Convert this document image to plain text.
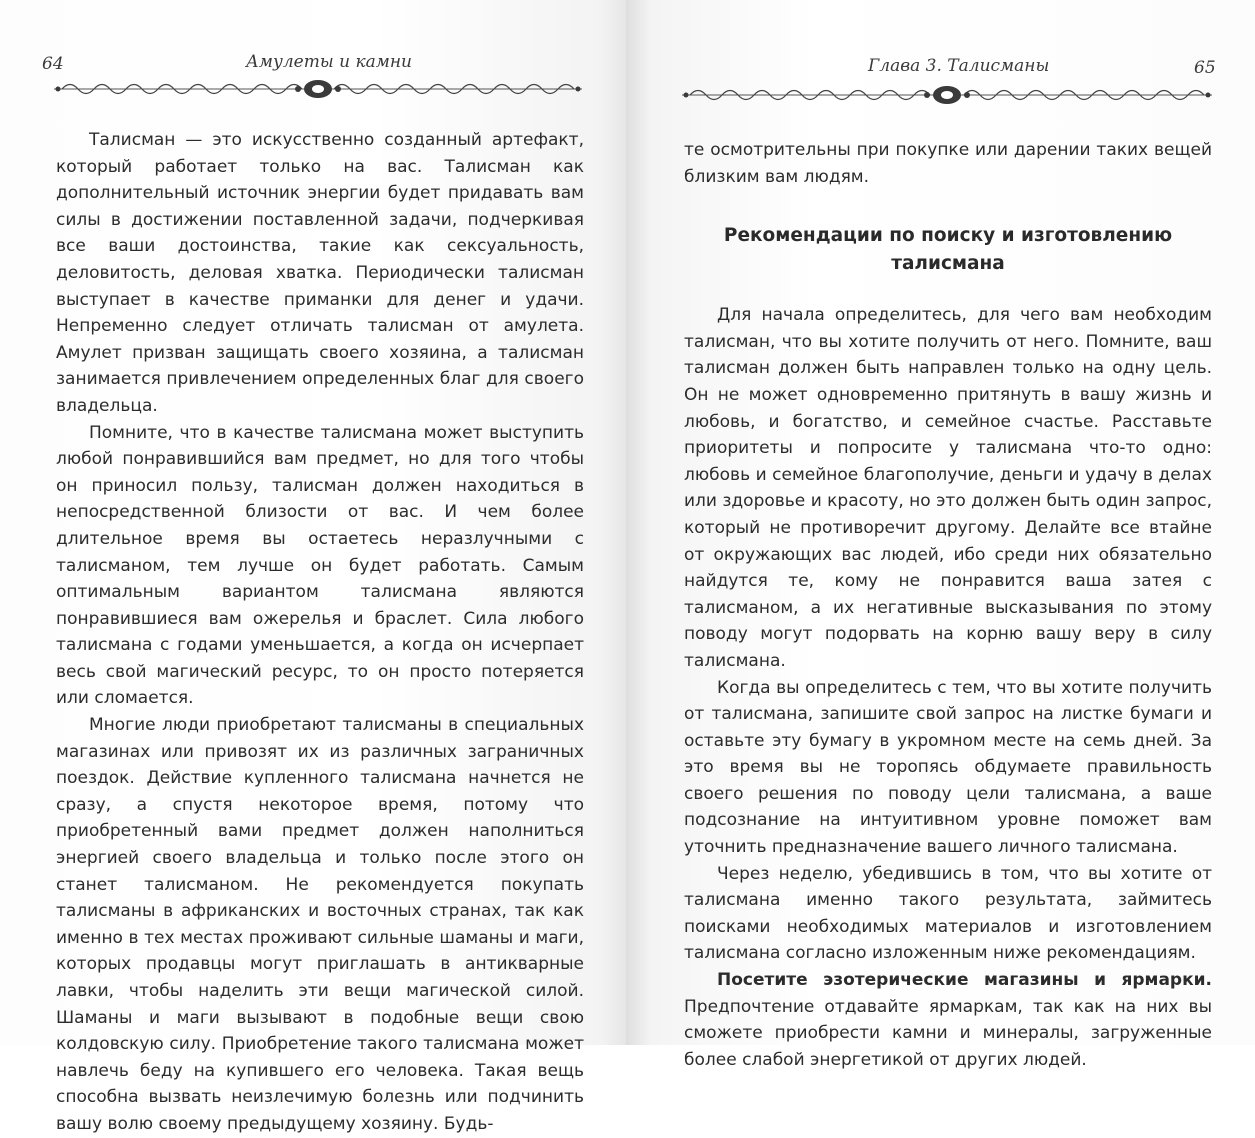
64	Амулеты и камни

Талисман — это искусственно созданный артефакт, который работает только на вас. Талисман как дополнительный источник энергии будет придавать вам силы в достижении поставленной задачи, подчеркивая все ваши достоинства, такие как сексуальность, деловитость, деловая хватка. Периодически талисман выступает в качестве приманки для денег и удачи. Непременно следует отличать талисман от амулета. Амулет призван защищать своего хозяина, а талисман занимается привлечением определенных благ для своего владельца.

Помните, что в качестве талисмана может выступить любой понравившийся вам предмет, но для того чтобы он приносил пользу, талисман должен находиться в непосредственной близости от вас. И чем более длительное время вы остаетесь неразлучными с талисманом, тем лучше он будет работать. Самым оптимальным вариантом талисмана являются понравившиеся вам ожерелья и браслет. Сила любого талисмана с годами уменьшается, а когда он исчерпает весь свой магический ресурс, то он просто потеряется или сломается.

Многие люди приобретают талисманы в специальных магазинах или привозят их из различных заграничных поездок. Действие купленного талисмана начнется не сразу, а спустя некоторое время, потому что приобретенный вами предмет должен наполниться энергией своего владельца и только после этого он станет талисманом. Не рекомендуется покупать талисманы в африканских и восточных странах, так как именно в тех местах проживают сильные шаманы и маги, которых продавцы могут приглашать в антикварные лавки, чтобы наделить эти вещи магической силой. Шаманы и маги вызывают в подобные вещи свою колдовскую силу. Приобретение такого талисмана может навлечь беду на купившего его человека. Такая вещь способна вызвать неизлечимую болезнь или подчинить вашу волю своему предыдущему хозяину. Будь-

Глава 3. Талисманы	65

те осмотрительны при покупке или дарении таких вещей близким вам людям.

Рекомендации по поиску и изготовлению талисмана

Для начала определитесь, для чего вам необходим талисман, что вы хотите получить от него. Помните, ваш талисман должен быть направлен только на одну цель. Он не может одновременно притянуть в вашу жизнь и любовь, и богатство, и семейное счастье. Расставьте приоритеты и попросите у талисмана что-то одно: любовь и семейное благополучие, деньги и удачу в делах или здоровье и красоту, но это должен быть один запрос, который не противоречит другому. Делайте все втайне от окружающих вас людей, ибо среди них обязательно найдутся те, кому не понравится ваша затея с талисманом, а их негативные высказывания по этому поводу могут подорвать на корню вашу веру в силу талисмана.

Когда вы определитесь с тем, что вы хотите получить от талисмана, запишите свой запрос на листке бумаги и оставьте эту бумагу в укромном месте на семь дней. За это время вы не торопясь обдумаете правильность своего решения по поводу цели талисмана, а ваше подсознание на интуитивном уровне поможет вам уточнить предназначение вашего личного талисмана.

Через неделю, убедившись в том, что вы хотите от талисмана именно такого результата, займитесь поисками необходимых материалов и изготовлением талисмана согласно изложенным ниже рекомендациям.

Посетите эзотерические магазины и ярмарки. Предпочтение отдавайте ярмаркам, так как на них вы сможете приобрести камни и минералы, загруженные более слабой энергетикой от других людей.
